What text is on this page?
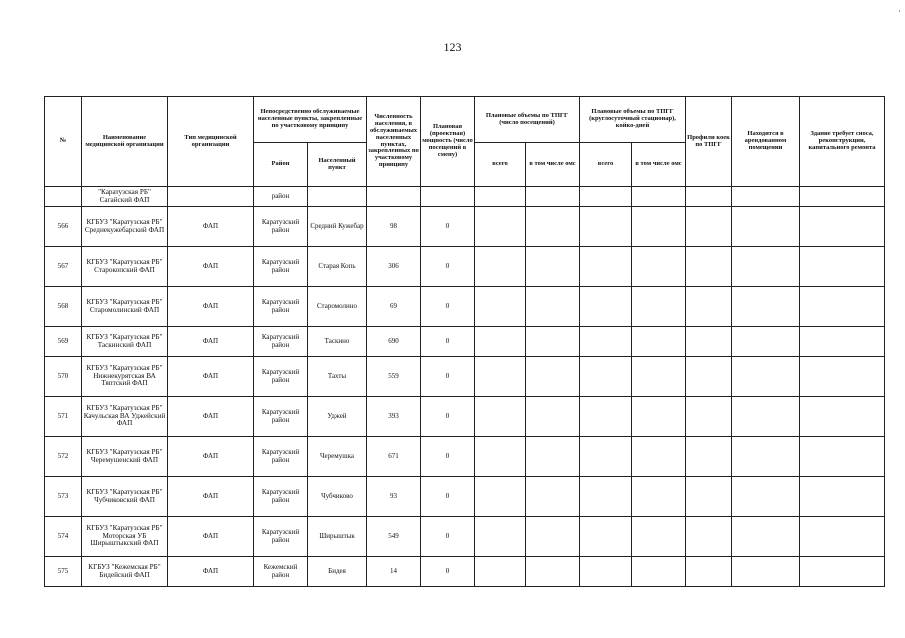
·
123
№	Наименование медицинской организации	Тип медицинской организации	Непосредственно обслуживаемые населенные пункты, закрепленные по участковому принципу		Численность населения, в обслуживаемых населенных пунктах, закрепленных по участковому принципу	Плановая (проектная) мощность (число посещений в смену)	Плановые объемы по ТПГГ (число посещений)		Плановые объемы по ТПГГ (круглосуточный стационар), койко-дней		Профили коек по ТПГГ	Находится в арендованном помещении	Здание требует сноса, реконструкции, капитального ремонта
			Район	Населенный пункт			всего	в том числе омс	всего	в том числе омс			
	"Каратузская РБ" Сагайский ФАП		район										
566	КГБУЗ "Каратузская РБ" Среднекужебарский ФАП	ФАП	Каратузский район	Средний Кужебар	98	0							
567	КГБУЗ "Каратузская РБ" Старокопский ФАП	ФАП	Каратузский район	Старая Копь	306	0							
568	КГБУЗ "Каратузская РБ" Старомолинский ФАП	ФАП	Каратузский район	Старомолино	69	0							
569	КГБУЗ "Каратузская РБ" Таскинский ФАП	ФАП	Каратузский район	Таскино	690	0							
570	КГБУЗ "Каратузская РБ" Нижнекурятская ВА Тяптский ФАП	ФАП	Каратузский район	Тахты	559	0							
571	КГБУЗ "Каратузская РБ" Качульская ВА Уджейский ФАП	ФАП	Каратузский район	Уджей	393	0							
572	КГБУЗ "Каратузская РБ" Черемушенский ФАП	ФАП	Каратузский район	Черемушка	671	0							
573	КГБУЗ "Каратузская РБ" Чубчиковский ФАП	ФАП	Каратузский район	Чубчиково	93	0							
574	КГБУЗ "Каратузская РБ" Моторская УБ Ширыштыкский ФАП	ФАП	Каратузский район	Ширыштык	549	0							
575	КГБУЗ "Кежемская РБ" Бидейский ФАП	ФАП	Кежемский район	Бидея	14	0							
